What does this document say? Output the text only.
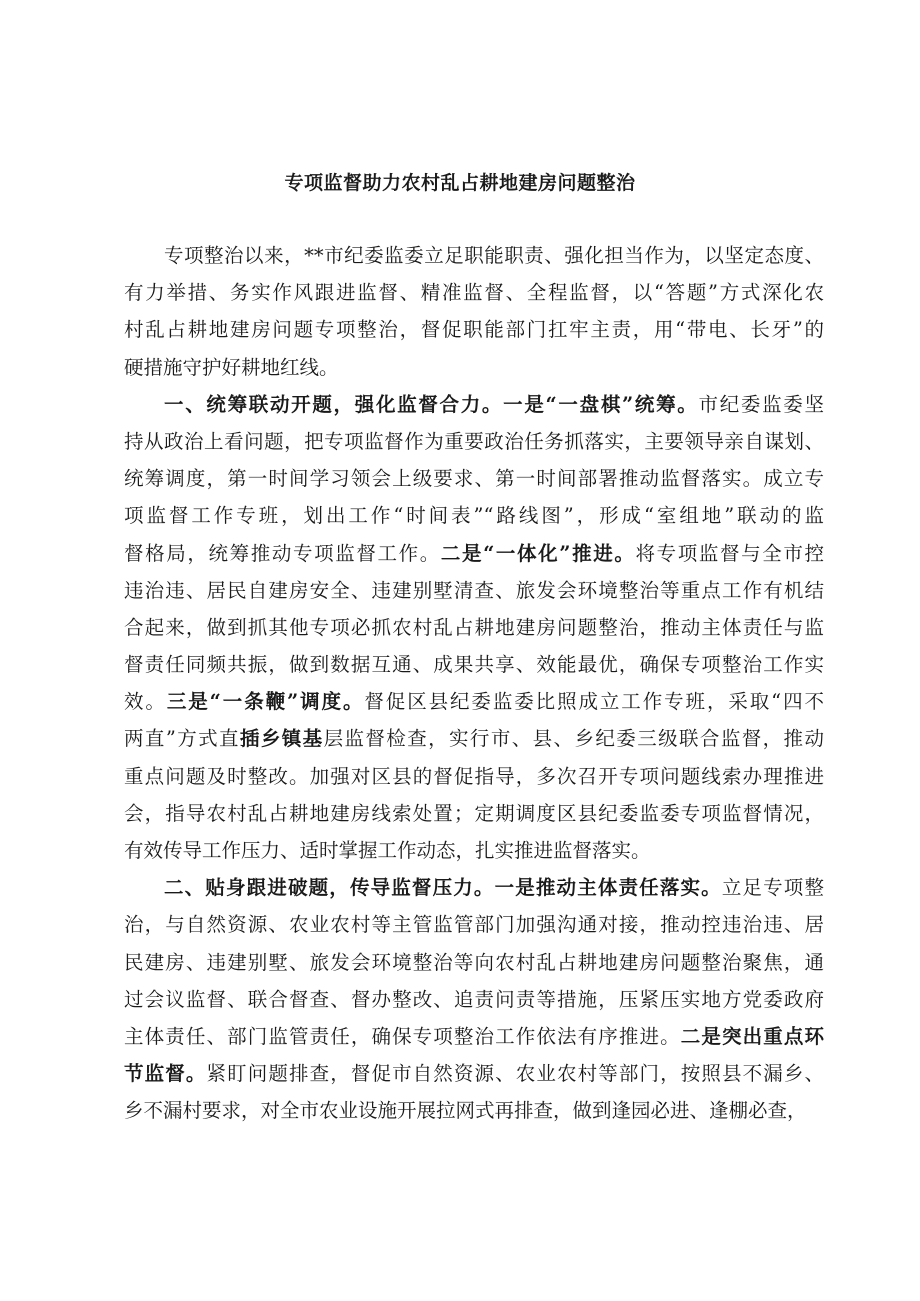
专项监督助力农村乱占耕地建房问题整治
专项整治以来，**市纪委监委立足职能职责、强化担当作为，以坚定态度、
有力举措、务实作风跟进监督、精准监督、全程监督，以“答题”方式深化农
村乱占耕地建房问题专项整治，督促职能部门扛牢主责，用“带电、长牙”的
硬措施守护好耕地红线。
一、统筹联动开题，强化监督合力。一是“一盘棋”统筹。市纪委监委坚
持从政治上看问题，把专项监督作为重要政治任务抓落实，主要领导亲自谋划、
统筹调度，第一时间学习领会上级要求、第一时间部署推动监督落实。成立专
项监督工作专班，划出工作“时间表”“路线图”，形成“室组地”联动的监
督格局，统筹推动专项监督工作。二是“一体化”推进。将专项监督与全市控
违治违、居民自建房安全、违建别墅清查、旅发会环境整治等重点工作有机结
合起来，做到抓其他专项必抓农村乱占耕地建房问题整治，推动主体责任与监
督责任同频共振，做到数据互通、成果共享、效能最优，确保专项整治工作实
效。三是“一条鞭”调度。督促区县纪委监委比照成立工作专班，采取“四不
两直”方式直插乡镇基层监督检查，实行市、县、乡纪委三级联合监督，推动
重点问题及时整改。加强对区县的督促指导，多次召开专项问题线索办理推进
会，指导农村乱占耕地建房线索处置；定期调度区县纪委监委专项监督情况，
有效传导工作压力、适时掌握工作动态，扎实推进监督落实。
二、贴身跟进破题，传导监督压力。一是推动主体责任落实。立足专项整
治，与自然资源、农业农村等主管监管部门加强沟通对接，推动控违治违、居
民建房、违建别墅、旅发会环境整治等向农村乱占耕地建房问题整治聚焦，通
过会议监督、联合督查、督办整改、追责问责等措施，压紧压实地方党委政府
主体责任、部门监管责任，确保专项整治工作依法有序推进。二是突出重点环
节监督。紧盯问题排查，督促市自然资源、农业农村等部门，按照县不漏乡、
乡不漏村要求，对全市农业设施开展拉网式再排查，做到逢园必进、逢棚必查，
